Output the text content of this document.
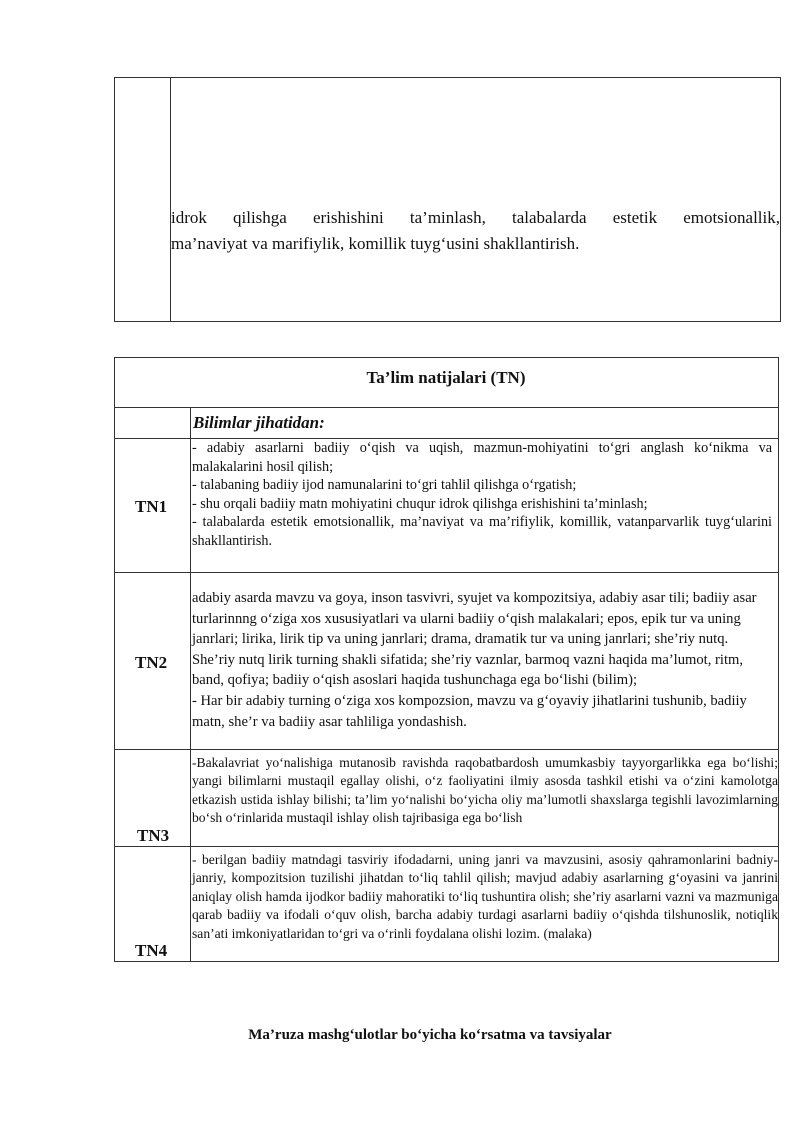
idrok qilishga erishishini ta’minlash, talabalarda estetik emotsionallik,
ma’naviyat va marifiylik, komillik tuyg‘usini shakllantirish.
Ta’lim natijalari (TN)
Bilimlar jihatidan:
TN1

- adabiy asarlarni badiiy o‘qish va uqish, mazmun-mohiyatini to‘gri anglash ko‘nikma va malakalarini hosil qilish;

- talabaning badiiy ijod namunalarini to‘gri tahlil qilishga o‘rgatish;

- shu orqali badiiy matn mohiyatini chuqur idrok qilishga erishishini ta’minlash;

- talabalarda estetik emotsionallik, ma’naviyat va ma’rifiylik, komillik, vatanparvarlik tuyg‘ularini shakllantirish.

TN2

adabiy asarda mavzu va goya, inson tasvivri, syujet va kompozitsiya, adabiy asar tili; badiiy asar turlarinnng o‘ziga xos xususiyatlari va ularni badiiy o‘qish malakalari; epos, epik tur va uning janrlari; lirika, lirik tip va uning janrlari; drama, dramatik tur va uning janrlari; she’riy nutq. She’riy nutq lirik turning shakli sifatida; she’riy vaznlar, barmoq vazni haqida ma’lumot, ritm, band, qofiya; badiiy o‘qish asoslari haqida tushunchaga ega bo‘lishi (bilim);

- Har bir adabiy turning o‘ziga xos kompozsion, mavzu va g‘oyaviy jihatlarini tushunib, badiiy matn, she’r va badiiy asar tahliliga yondashish.

TN3

-Bakalavriat yo‘nalishiga mutanosib ravishda raqobatbardosh umumkasbiy tayyorgarlikka ega bo‘lishi; yangi bilimlarni mustaqil egallay olishi, o‘z faoliyatini ilmiy asosda tashkil etishi va o‘zini kamolotga etkazish ustida ishlay bilishi; ta’lim yo‘nalishi bo‘yicha oliy ma’lumotli shaxslarga tegishli lavozimlarning bo‘sh o‘rinlarida mustaqil ishlay olish tajribasiga ega bo‘lish

TN4

- berilgan badiiy matndagi tasviriy ifodadarni, uning janri va mavzusini, asosiy qahramonlarini badniy-janriy, kompozitsion tuzilishi jihatdan to‘liq tahlil qilish; mavjud adabiy asarlarning g‘oyasini va janrini aniqlay olish hamda ijodkor badiiy mahoratiki to‘liq tushuntira olish; she’riy asarlarni vazni va mazmuniga qarab badiiy va ifodali o‘quv olish, barcha adabiy turdagi asarlarni badiiy o‘qishda tilshunoslik, notiqlik san’ati imkoniyatlaridan to‘gri va o‘rinli foydalana olishi lozim. (malaka)

Ma’ruza mashg‘ulotlar bo‘yicha ko‘rsatma va tavsiyalar
